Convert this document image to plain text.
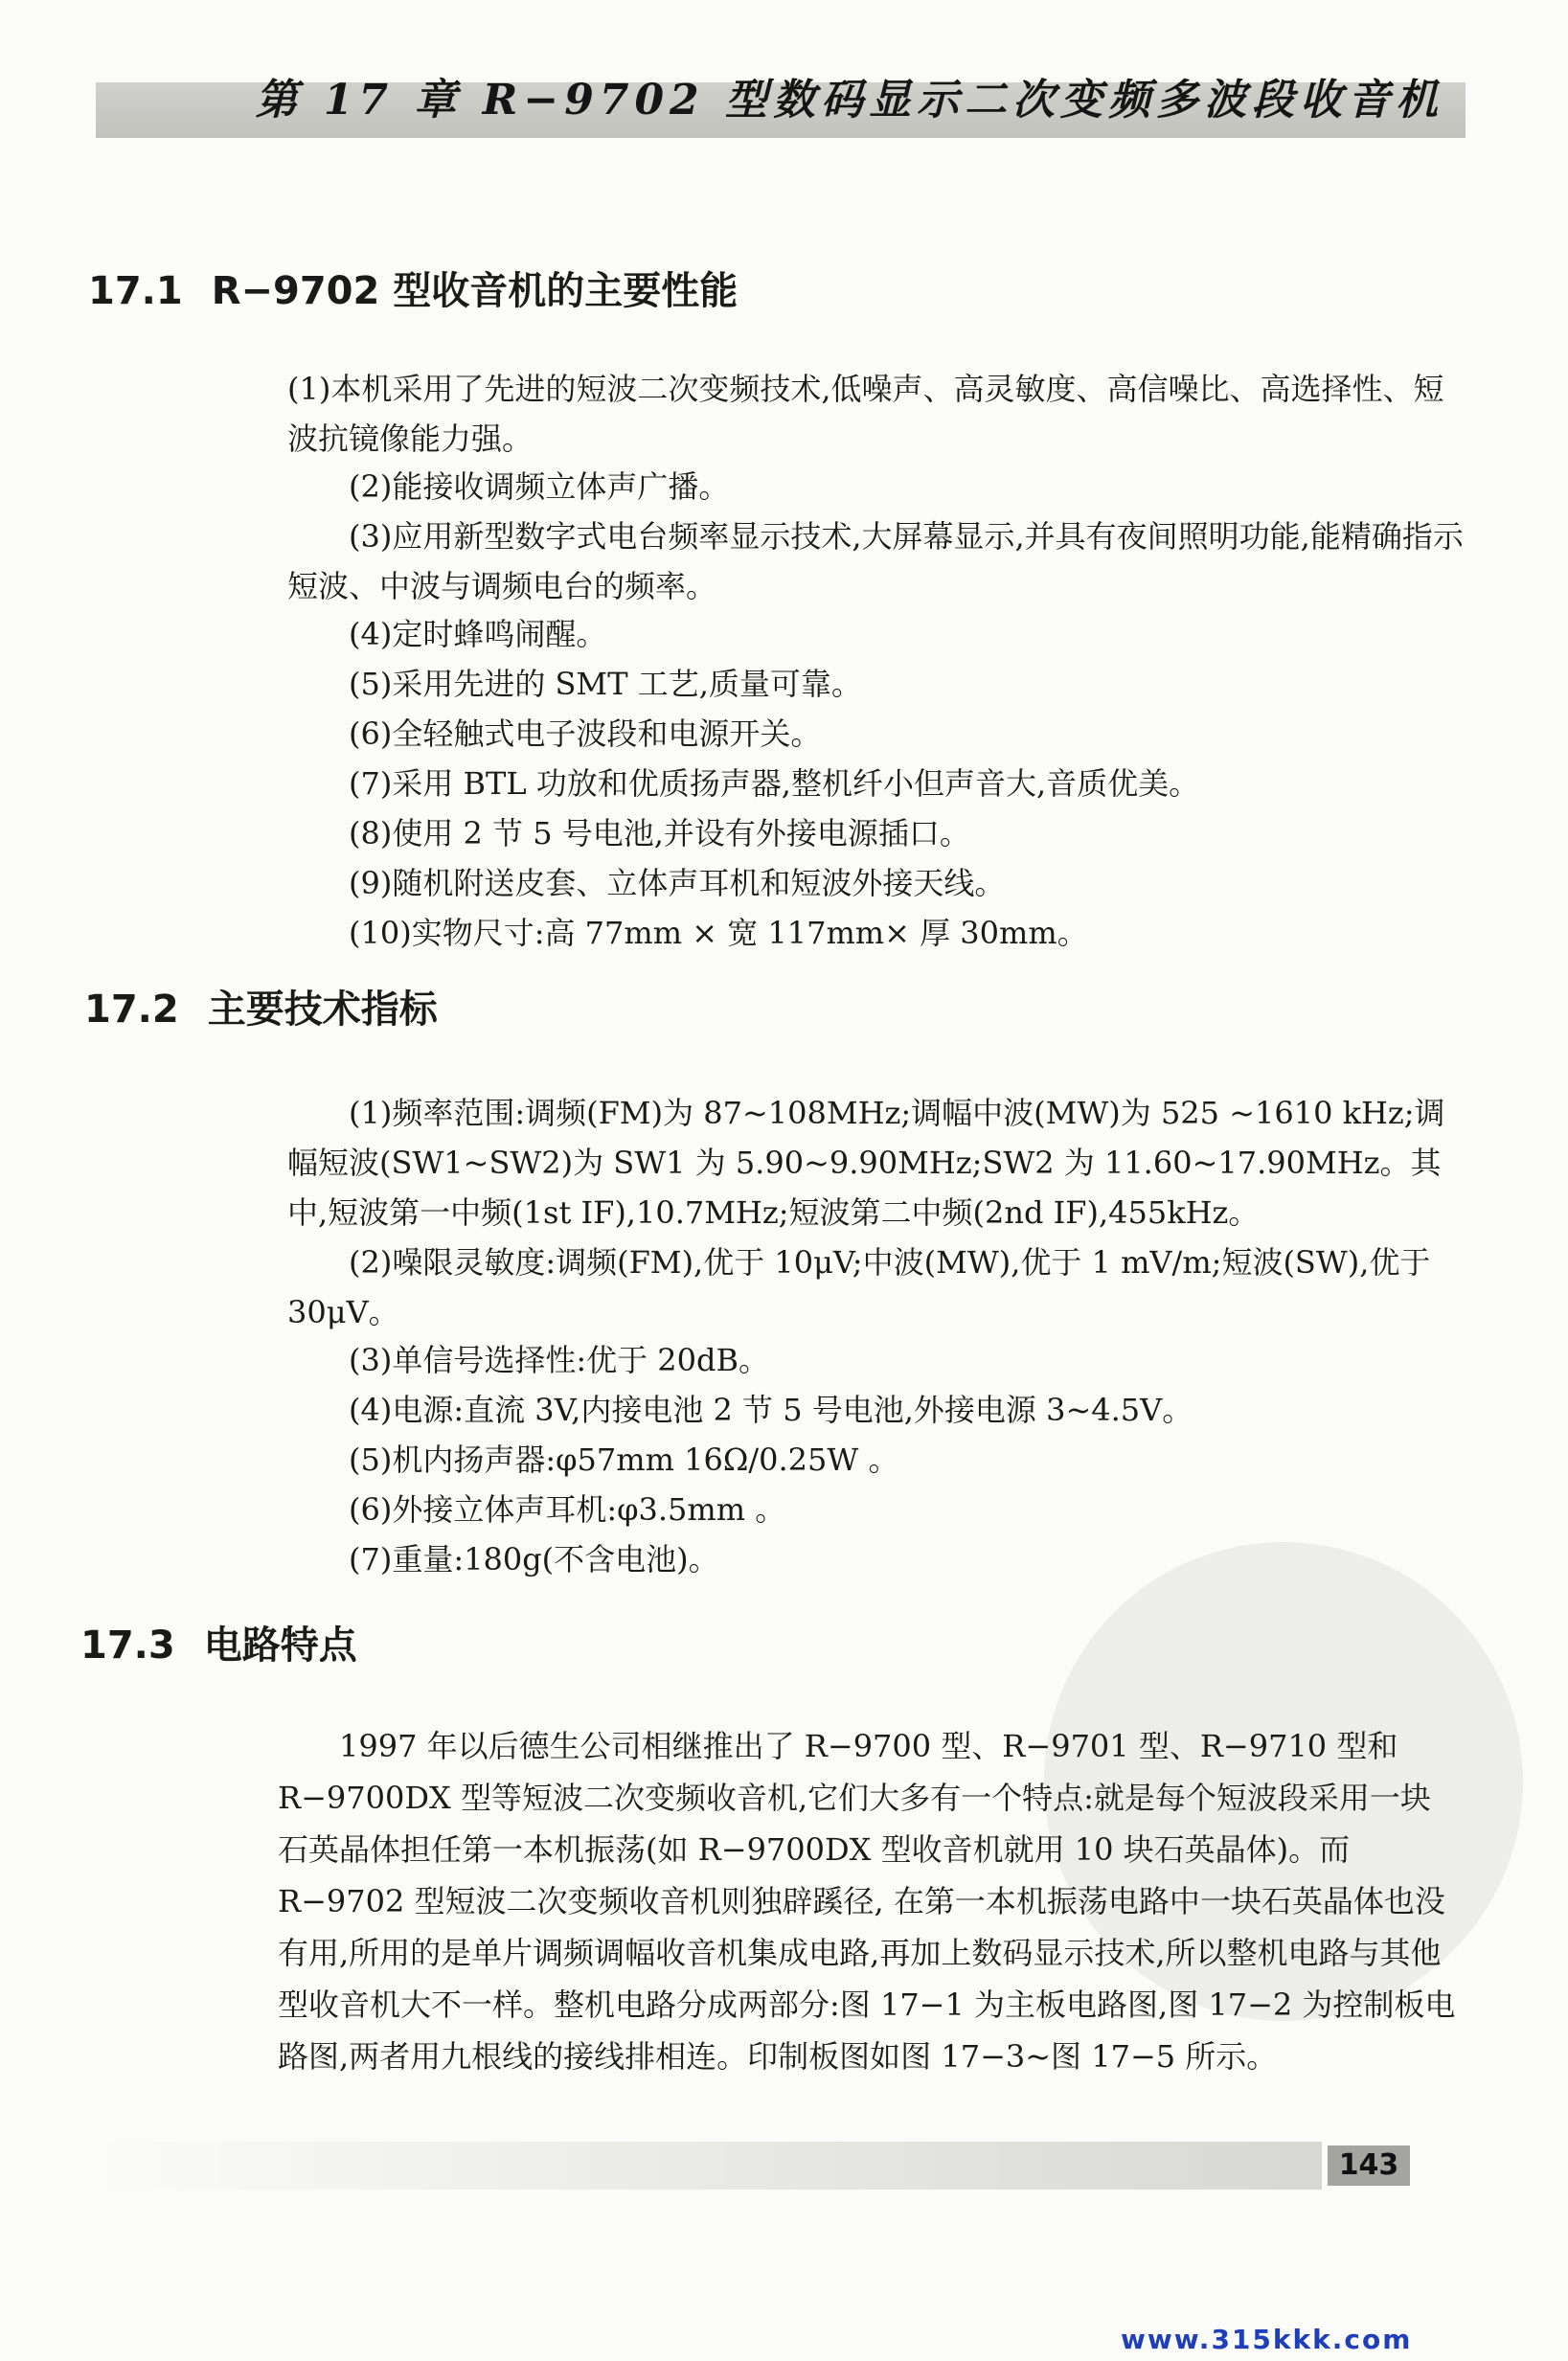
第 17 章 R−9702 型数码显示二次变频多波段收音机
17.1 R−9702 型收音机的主要性能

(1)本机采用了先进的短波二次变频技术,低噪声、高灵敏度、高信噪比、高选择性、短波抗镜像能力强。

(2)能接收调频立体声广播。

(3)应用新型数字式电台频率显示技术,大屏幕显示,并具有夜间照明功能,能精确指示短波、中波与调频电台的频率。

(4)定时蜂鸣闹醒。

(5)采用先进的 SMT 工艺,质量可靠。

(6)全轻触式电子波段和电源开关。

(7)采用 BTL 功放和优质扬声器,整机纤小但声音大,音质优美。

(8)使用 2 节 5 号电池,并设有外接电源插口。

(9)随机附送皮套、立体声耳机和短波外接天线。

(10)实物尺寸:高 77mm × 宽 117mm× 厚 30mm。

17.2 主要技术指标

(1)频率范围:调频(FM)为 87~108MHz;调幅中波(MW)为 525 ~1610 kHz;调幅短波(SW1~SW2)为 SW1 为 5.90~9.90MHz;SW2 为 11.60~17.90MHz。其中,短波第一中频(1st IF),10.7MHz;短波第二中频(2nd IF),455kHz。

(2)噪限灵敏度:调频(FM),优于 10μV;中波(MW),优于 1 mV/m;短波(SW),优于 30μV。

(3)单信号选择性:优于 20dB。

(4)电源:直流 3V,内接电池 2 节 5 号电池,外接电源 3~4.5V。

(5)机内扬声器:φ57mm 16Ω/0.25W 。

(6)外接立体声耳机:φ3.5mm 。

(7)重量:180g(不含电池)。

17.3 电路特点

1997 年以后德生公司相继推出了 R−9700 型、R−9701 型、R−9710 型和 R−9700DX 型等短波二次变频收音机,它们大多有一个特点:就是每个短波段采用一块石英晶体担任第一本机振荡(如 R−9700DX 型收音机就用 10 块石英晶体)。而 R−9702 型短波二次变频收音机则独辟蹊径, 在第一本机振荡电路中一块石英晶体也没有用,所用的是单片调频调幅收音机集成电路,再加上数码显示技术,所以整机电路与其他型收音机大不一样。整机电路分成两部分:图 17−1 为主板电路图,图 17−2 为控制板电路图,两者用九根线的接线排相连。印制板图如图 17−3~图 17−5 所示。

143
www.315kkk.com
